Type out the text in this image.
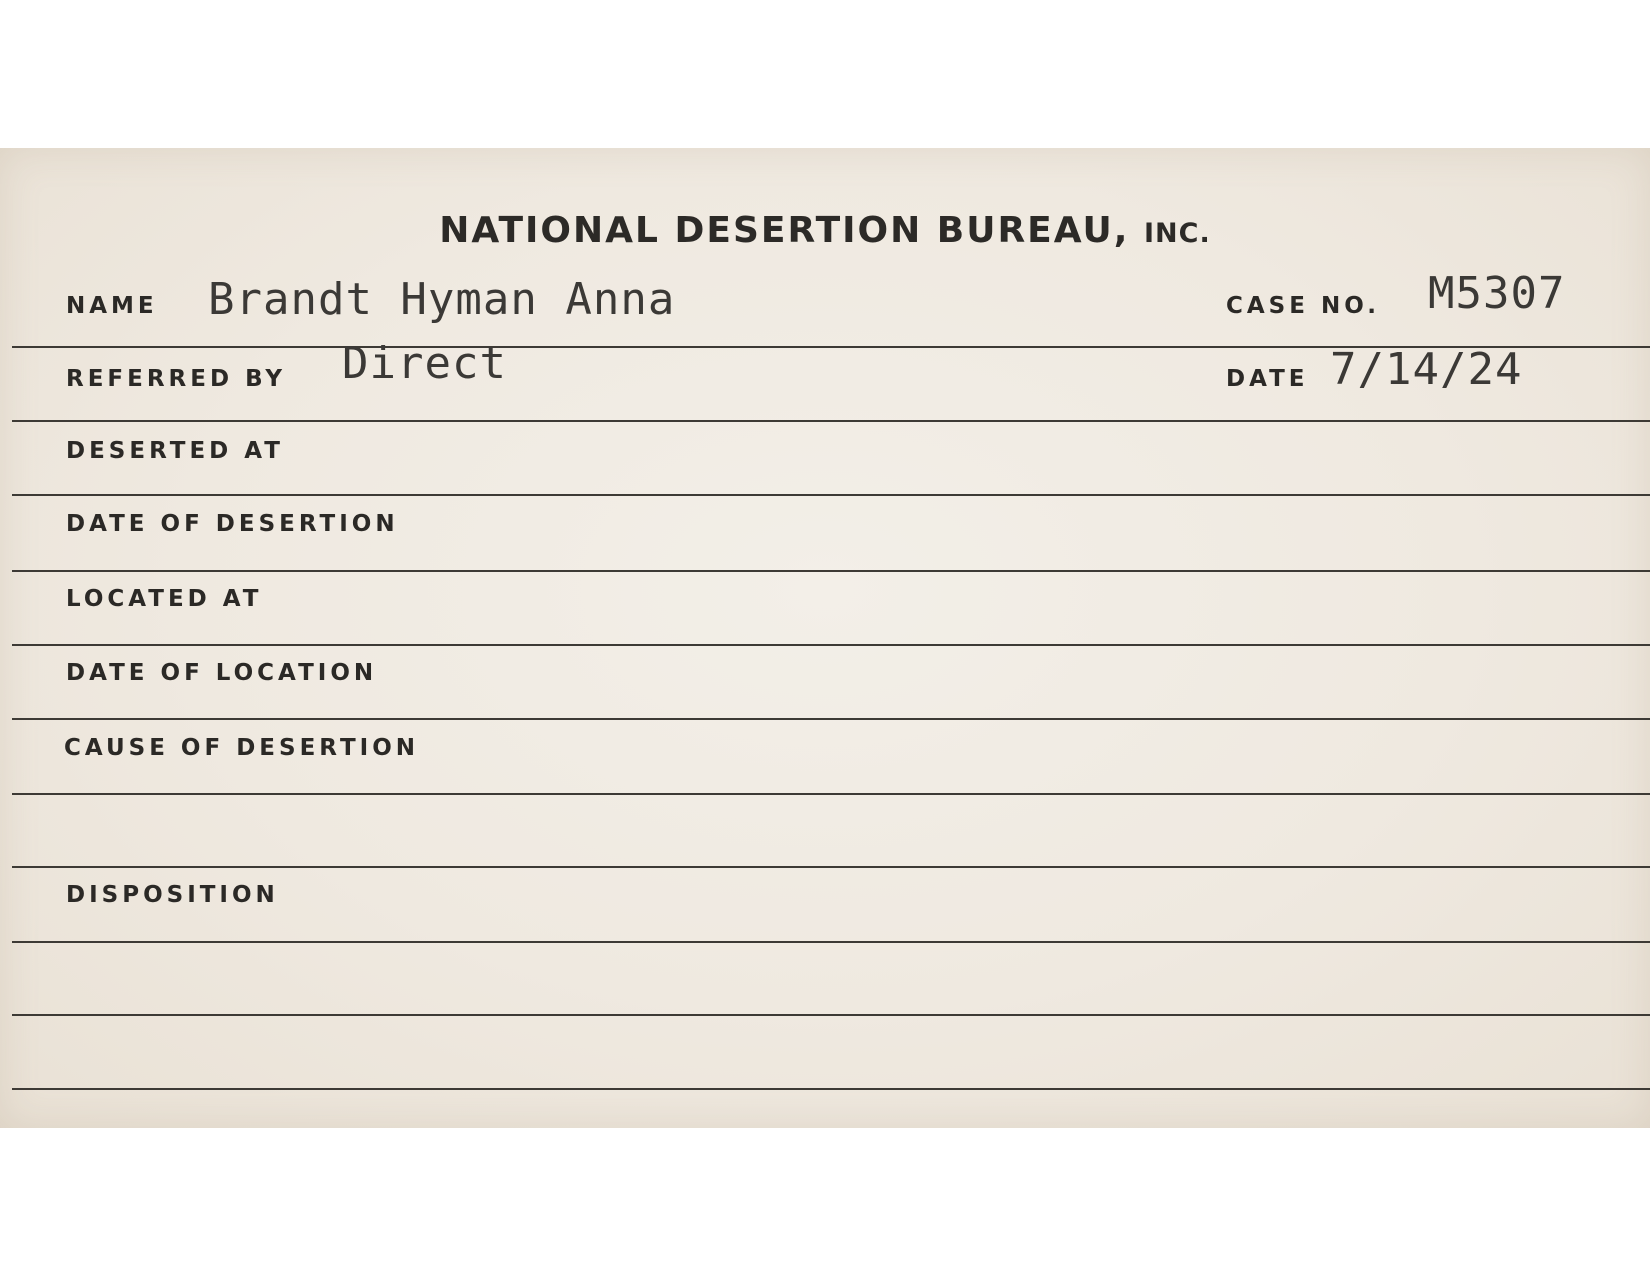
NATIONAL DESERTION BUREAU, INC.
NAME Brandt Hyman Anna	CASE NO. M5307
REFERRED BY Direct	DATE 7/14/24
DESERTED AT
DATE OF DESERTION
LOCATED AT
DATE OF LOCATION
CAUSE OF DESERTION
DISPOSITION
